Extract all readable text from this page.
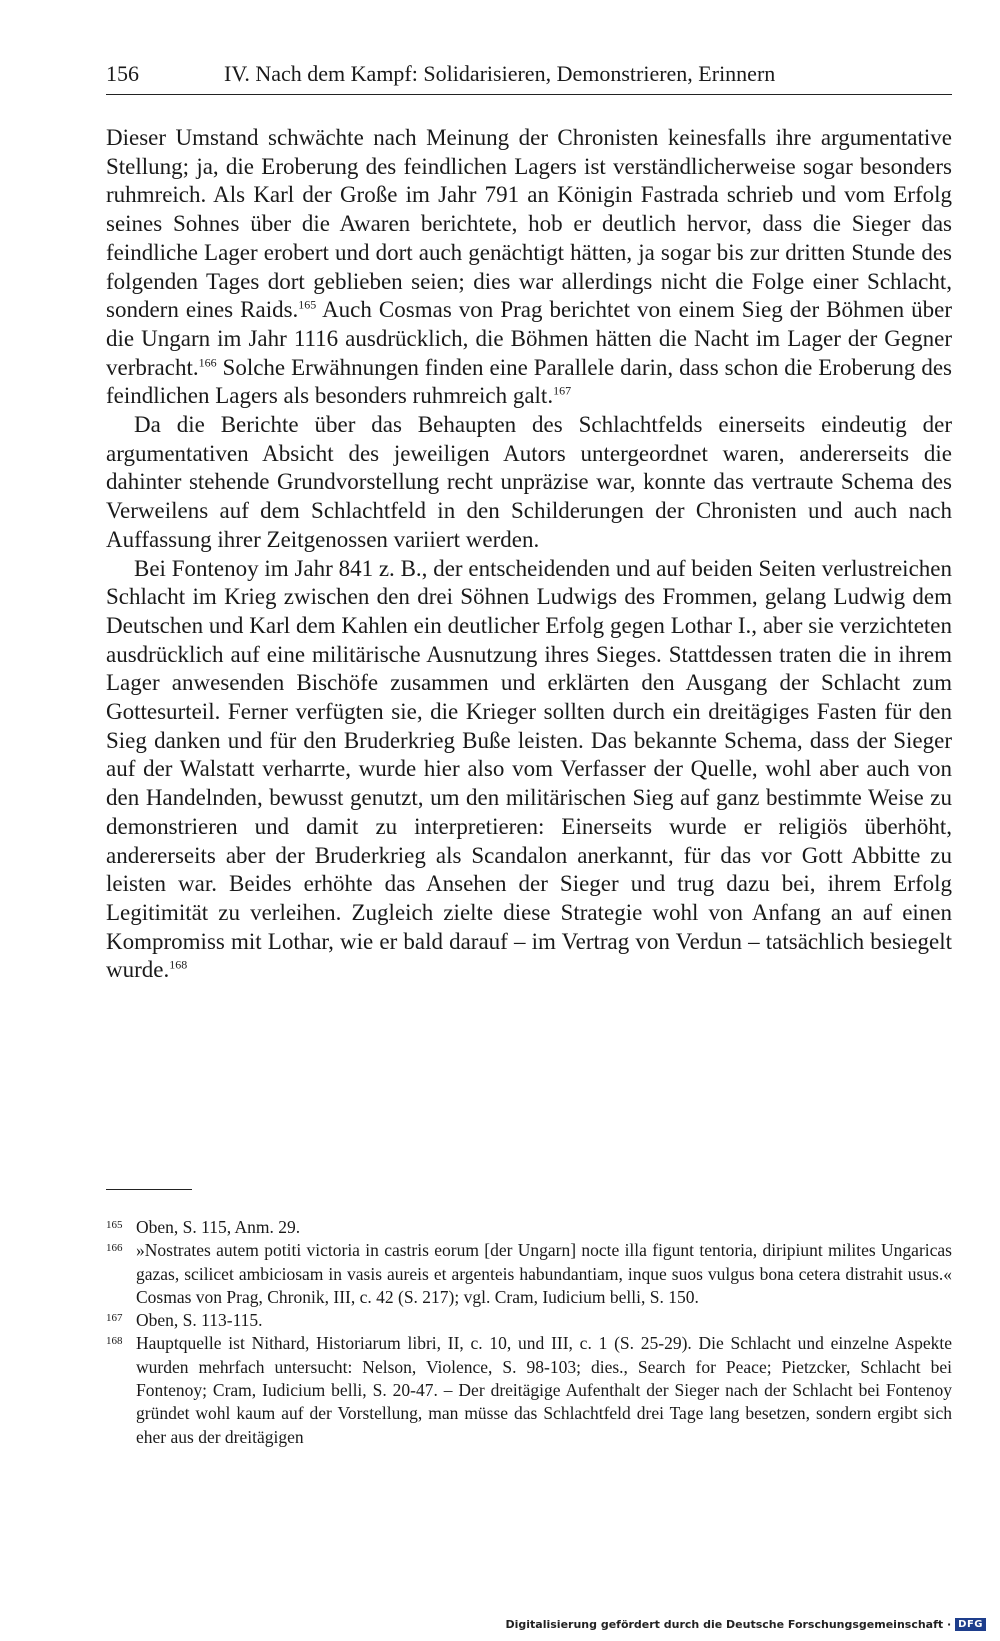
156	IV. Nach dem Kampf: Solidarisieren, Demonstrieren, Erinnern

Dieser Umstand schwächte nach Meinung der Chronisten keinesfalls ihre argumentative Stellung; ja, die Eroberung des feindlichen Lagers ist verständlicherweise sogar besonders ruhmreich. Als Karl der Große im Jahr 791 an Königin Fastrada schrieb und vom Erfolg seines Sohnes über die Awaren berichtete, hob er deutlich hervor, dass die Sieger das feindliche Lager erobert und dort auch genächtigt hätten, ja sogar bis zur dritten Stunde des folgenden Tages dort geblieben seien; dies war allerdings nicht die Folge einer Schlacht, sondern eines Raids.$^{165}$ Auch Cosmas von Prag berichtet von einem Sieg der Böhmen über die Ungarn im Jahr 1116 ausdrücklich, die Böhmen hätten die Nacht im Lager der Gegner verbracht.$^{166}$ Solche Erwähnungen finden eine Parallele darin, dass schon die Eroberung des feindlichen Lagers als besonders ruhmreich galt.$^{167}$

Da die Berichte über das Behaupten des Schlachtfelds einerseits eindeutig der argumentativen Absicht des jeweiligen Autors untergeordnet waren, andererseits die dahinter stehende Grundvorstellung recht unpräzise war, konnte das vertraute Schema des Verweilens auf dem Schlachtfeld in den Schilderungen der Chronisten und auch nach Auffassung ihrer Zeitgenossen variiert werden.

Bei Fontenoy im Jahr 841 z. B., der entscheidenden und auf beiden Seiten verlustreichen Schlacht im Krieg zwischen den drei Söhnen Ludwigs des Frommen, gelang Ludwig dem Deutschen und Karl dem Kahlen ein deutlicher Erfolg gegen Lothar I., aber sie verzichteten ausdrücklich auf eine militärische Ausnutzung ihres Sieges. Stattdessen traten die in ihrem Lager anwesenden Bischöfe zusammen und erklärten den Ausgang der Schlacht zum Gottesurteil. Ferner verfügten sie, die Krieger sollten durch ein dreitägiges Fasten für den Sieg danken und für den Bruderkrieg Buße leisten. Das bekannte Schema, dass der Sieger auf der Walstatt verharrte, wurde hier also vom Verfasser der Quelle, wohl aber auch von den Handelnden, bewusst genutzt, um den militärischen Sieg auf ganz bestimmte Weise zu demonstrieren und damit zu interpretieren: Einerseits wurde er religiös überhöht, andererseits aber der Bruderkrieg als Scandalon anerkannt, für das vor Gott Abbitte zu leisten war. Beides erhöhte das Ansehen der Sieger und trug dazu bei, ihrem Erfolg Legitimität zu verleihen. Zugleich zielte diese Strategie wohl von Anfang an auf einen Kompromiss mit Lothar, wie er bald darauf – im Vertrag von Verdun – tatsächlich besiegelt wurde.$^{168}$

165 Oben, S. 115, Anm. 29.

166 »Nostrates autem potiti victoria in castris eorum [der Ungarn] nocte illa figunt tentoria, diripiunt milites Ungaricas gazas, scilicet ambiciosam in vasis aureis et argenteis habundantiam, inque suos vulgus bona cetera distrahit usus.« Cosmas von Prag, Chronik, III, c. 42 (S. 217); vgl. Cram, Iudicium belli, S. 150.

167 Oben, S. 113-115.

168 Hauptquelle ist Nithard, Historiarum libri, II, c. 10, und III, c. 1 (S. 25-29). Die Schlacht und einzelne Aspekte wurden mehrfach untersucht: Nelson, Violence, S. 98-103; dies., Search for Peace; Pietzcker, Schlacht bei Fontenoy; Cram, Iudicium belli, S. 20-47. – Der dreitägige Aufenthalt der Sieger nach der Schlacht bei Fontenoy gründet wohl kaum auf der Vorstellung, man müsse das Schlachtfeld drei Tage lang besetzen, sondern ergibt sich eher aus der dreitägigen

Digitalisierung gefördert durch die Deutsche Forschungsgemeinschaft · DFG
